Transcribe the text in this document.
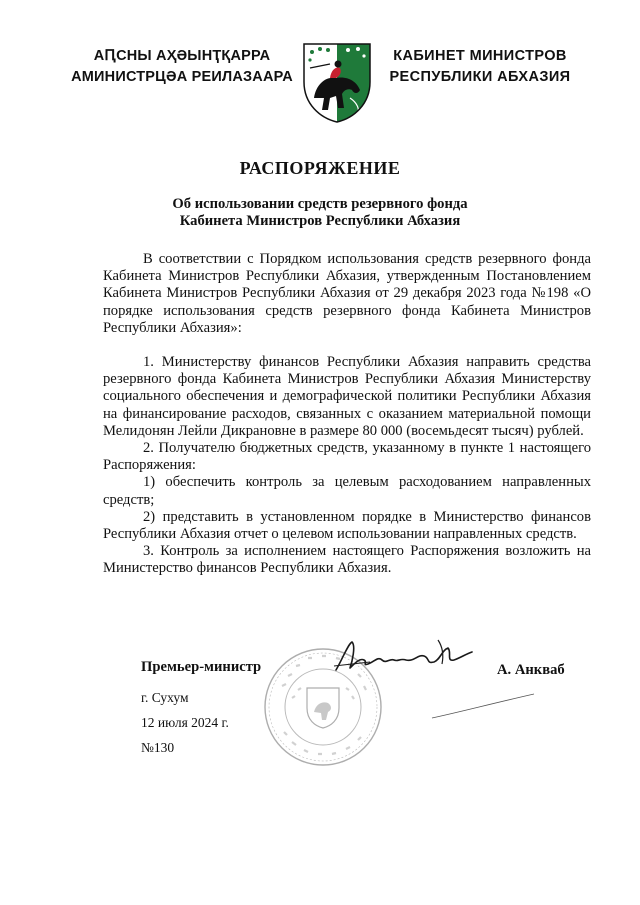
АԤСНЫ АҲӘЫНҬҚАРРА
АМИНИСТРЦӘА РЕИЛАЗААРА
КАБИНЕТ МИНИСТРОВ
РЕСПУБЛИКИ АБХАЗИЯ
РАСПОРЯЖЕНИЕ
Об использовании средств резервного фонда
Кабинета Министров Республики Абхазия

В соответствии с Порядком использования средств резервного фонда Кабинета Министров Республики Абхазия, утвержденным Постановлением Кабинета Министров Республики Абхазия от 29 декабря 2023 года №198 «О порядке использования средств резервного фонда Кабинета Министров Республики Абхазия»:

1. Министерству финансов Республики Абхазия направить средства резервного фонда Кабинета Министров Республики Абхазия Министерству социального обеспечения и демографической политики Республики Абхазия на финансирование расходов, связанных с оказанием материальной помощи Мелидонян Лейли Дикрановне в размере 80 000 (восемьдесят тысяч) рублей.

2. Получателю бюджетных средств, указанному в пункте 1 настоящего Распоряжения:

1) обеспечить контроль за целевым расходованием направленных средств;

2) представить в установленном порядке в Министерство финансов Республики Абхазия отчет о целевом использовании направленных средств.

3. Контроль за исполнением настоящего Распоряжения возложить на Министерство финансов Республики Абхазия.

Премьер-министр	А. Анкваб
г. Сухум
12 июля 2024 г.
№130
